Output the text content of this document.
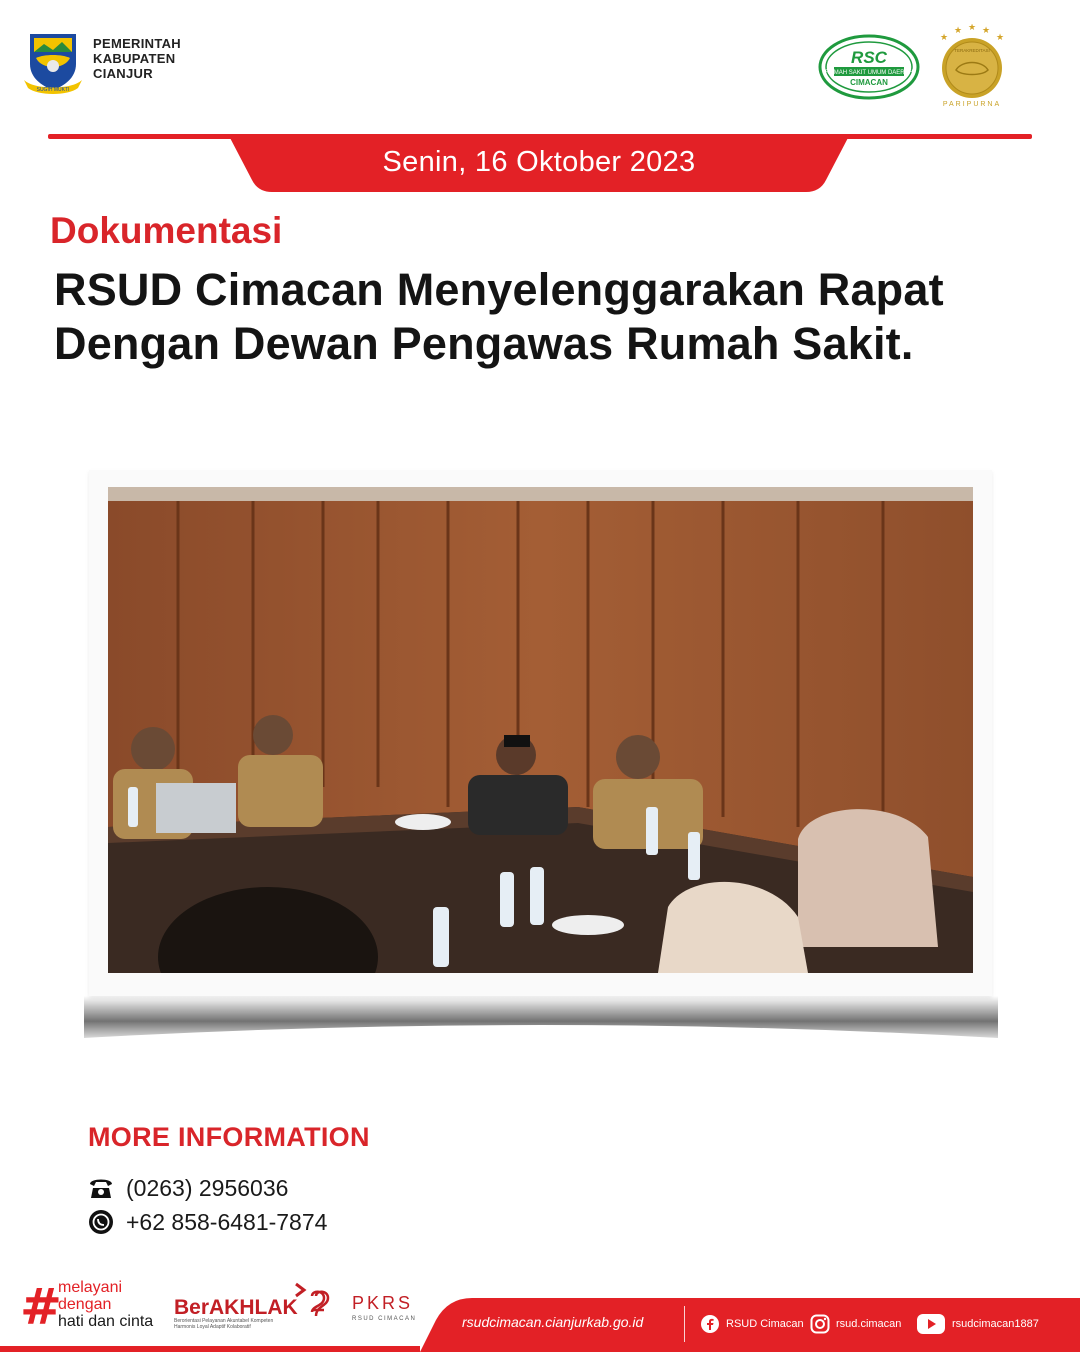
SUGIH MUKTI
PEMERINTAH
KABUPATEN
CIANJUR
RSC
RUMAH SAKIT UMUM DAERAH
CIMACAN
★
★ ★ ★
★
TERAKREDITASI
PARIPURNA
Senin, 16 Oktober 2023
Dokumentasi
RSUD Cimacan Menyelenggarakan Rapat Dengan Dewan Pengawas Rumah Sakit.
MORE INFORMATION
(0263) 2956036
+62 858-6481-7874
#
melayani
dengan
hati dan cinta
BerAKHLAK
Berorientasi Pelayanan Akuntabel Kompeten
Harmonis Loyal Adaptif Kolaboratif
PKRS
RSUD CIMACAN	rsudcimacan.cianjurkab.go.id	RSUD Cimacan	rsud.cimacan	rsudcimacan1887
